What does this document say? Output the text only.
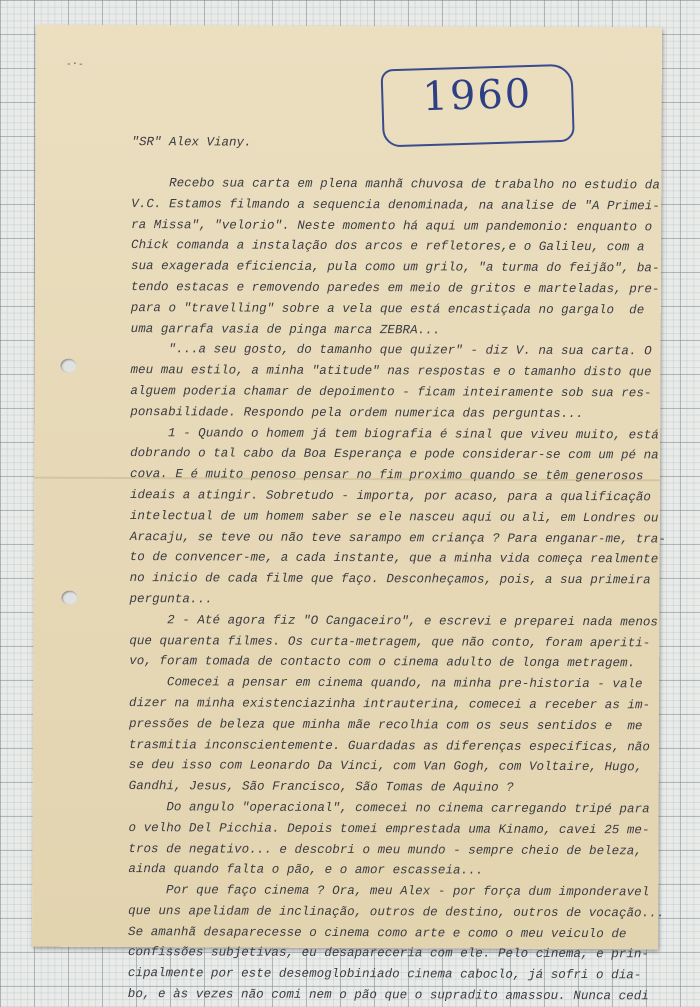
-·-
1960

"SR" Alex Viany.

Recebo sua carta em plena manhã chuvosa de trabalho no estudio da
V.C. Estamos filmando a sequencia denominada, na analise de "A Primei-
ra Missa", "velorio". Neste momento há aqui um pandemonio: enquanto o
Chick comanda a instalação dos arcos e refletores,e o Galileu, com a
sua exagerada eficiencia, pula como um grilo, "a turma do feijão", ba-
tendo estacas e removendo paredes em meio de gritos e marteladas, pre-
para o "travelling" sobre a vela que está encastiçada no gargalo  de
uma garrafa vasia de pinga marca ZEBRA...
"...a seu gosto, do tamanho que quizer" - diz V. na sua carta. O
meu mau estilo, a minha "atitude" nas respostas e o tamanho disto que
alguem poderia chamar de depoimento - ficam inteiramente sob sua res-
ponsabilidade. Respondo pela ordem numerica das perguntas...
1 - Quando o homem já tem biografia é sinal que viveu muito, está
dobrando o tal cabo da Boa Esperança e pode considerar-se com um pé na
cova. E é muito penoso pensar no fim proximo quando se têm generosos
ideais a atingir. Sobretudo - importa, por acaso, para a qualificação
intelectual de um homem saber se ele nasceu aqui ou ali, em Londres ou
Aracaju, se teve ou não teve sarampo em criança ? Para enganar-me, tra-
to de convencer-me, a cada instante, que a minha vida começa realmente
no inicio de cada filme que faço. Desconheçamos, pois, a sua primeira
pergunta...
2 - Até agora fiz "O Cangaceiro", e escrevi e preparei nada menos
que quarenta filmes. Os curta-metragem, que não conto, foram aperiti-
vo, foram tomada de contacto com o cinema adulto de longa metragem.
Comecei a pensar em cinema quando, na minha pre-historia - vale
dizer na minha existenciazinha intrauterina, comecei a receber as im-
pressões de beleza que minha mãe recolhia com os seus sentidos e  me
trasmitia inconscientemente. Guardadas as diferenças especificas, não
se deu isso com Leonardo Da Vinci, com Van Gogh, com Voltaire, Hugo,
Gandhi, Jesus, São Francisco, São Tomas de Aquino ?
Do angulo "operacional", comecei no cinema carregando tripé para
o velho Del Picchia. Depois tomei emprestada uma Kinamo, cavei 25 me-
tros de negativo... e descobri o meu mundo - sempre cheio de beleza,
ainda quando falta o pão, e o amor escasseia...
Por que faço cinema ? Ora, meu Alex - por força dum imponderavel
que uns apelidam de inclinação, outros de destino, outros de vocação...
Se amanhã desaparecesse o cinema como arte e como o meu veiculo de
confissões subjetivas, eu desapareceria com ele. Pelo cinema, e prin-
cipalmente por este desemoglobiniado cinema caboclo, já sofri o dia-
bo, e às vezes não comi nem o pão que o supradito amassou. Nunca cedi
